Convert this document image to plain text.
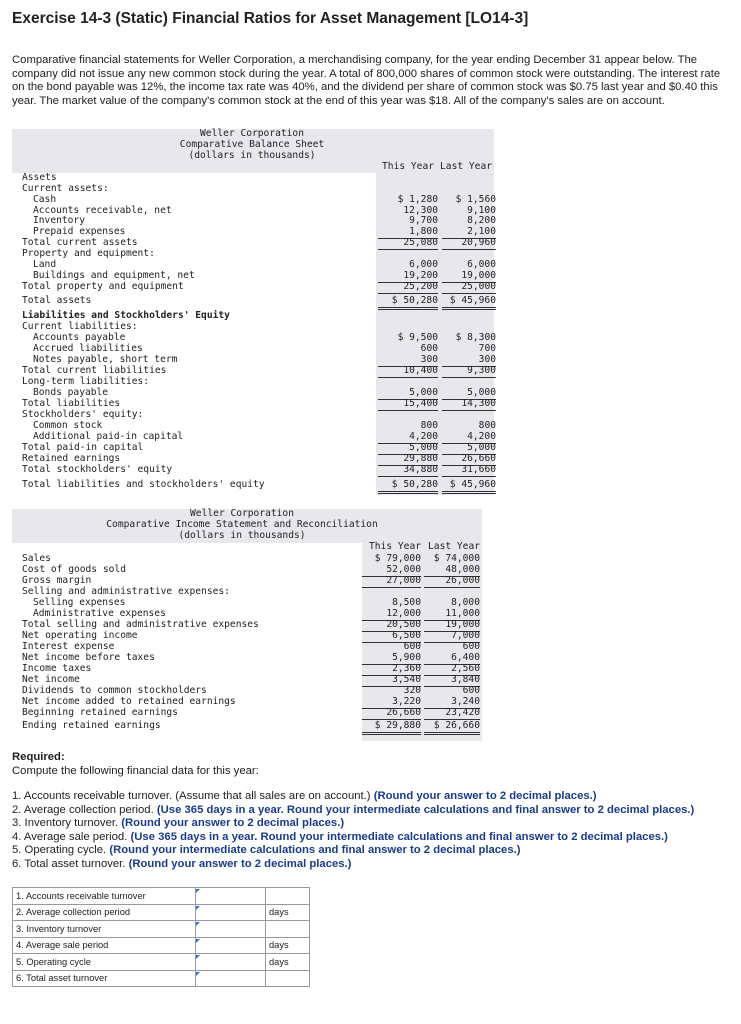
Exercise 14-3 (Static) Financial Ratios for Asset Management [LO14-3]
Comparative financial statements for Weller Corporation, a merchandising company, for the year ending December 31 appear below. The company did not issue any new common stock during the year. A total of 800,000 shares of common stock were outstanding. The interest rate on the bond payable was 12%, the income tax rate was 40%, and the dividend per share of common stock was $0.75 last year and $0.40 this year. The market value of the company's common stock at the end of this year was $18. All of the company's sales are on account.
Weller Corporation
Comparative Balance Sheet
(dollars in thousands)
This Year Last Year
Assets
Current assets:
Cash	$ 1,280	$ 1,560
Accounts receivable, net	12,300	9,100
Inventory	9,700	8,200
Prepaid expenses	1,800	2,100
Total current assets	25,080	20,960
Property and equipment:
Land	6,000	6,000
Buildings and equipment, net	19,200	19,000
Total property and equipment	25,200	25,000
Total assets	$ 50,280	$ 45,960
Liabilities and Stockholders' Equity
Current liabilities:
Accounts payable	$ 9,500	$ 8,300
Accrued liabilities	600	700
Notes payable, short term	300	300
Total current liabilities	10,400	9,300
Long-term liabilities:
Bonds payable	5,000	5,000
Total liabilities	15,400	14,300
Stockholders' equity:
Common stock	800	800
Additional paid-in capital	4,200	4,200
Total paid-in capital	5,000	5,000
Retained earnings	29,880	26,660
Total stockholders' equity	34,880	31,660
Total liabilities and stockholders' equity	$ 50,280	$ 45,960
Weller Corporation
Comparative Income Statement and Reconciliation
(dollars in thousands)
This Year Last Year
Sales	$ 79,000	$ 74,000
Cost of goods sold	52,000	48,000
Gross margin	27,000	26,000
Selling and administrative expenses:
Selling expenses	8,500	8,000
Administrative expenses	12,000	11,000
Total selling and administrative expenses	20,500	19,000
Net operating income	6,500	7,000
Interest expense	600	600
Net income before taxes	5,900	6,400
Income taxes	2,360	2,560
Net income	3,540	3,840
Dividends to common stockholders	320	600
Net income added to retained earnings	3,220	3,240
Beginning retained earnings	26,660	23,420
Ending retained earnings	$ 29,880	$ 26,660
Required:
Compute the following financial data for this year:
1. Accounts receivable turnover. (Assume that all sales are on account.) (Round your answer to 2 decimal places.)
2. Average collection period. (Use 365 days in a year. Round your intermediate calculations and final answer to 2 decimal places.)
3. Inventory turnover. (Round your answer to 2 decimal places.)
4. Average sale period. (Use 365 days in a year. Round your intermediate calculations and final answer to 2 decimal places.)
5. Operating cycle. (Round your intermediate calculations and final answer to 2 decimal places.)
6. Total asset turnover. (Round your answer to 2 decimal places.)
1. Accounts receivable turnover		
2. Average collection period		days
3. Inventory turnover		
4. Average sale period		days
5. Operating cycle		days
6. Total asset turnover		
